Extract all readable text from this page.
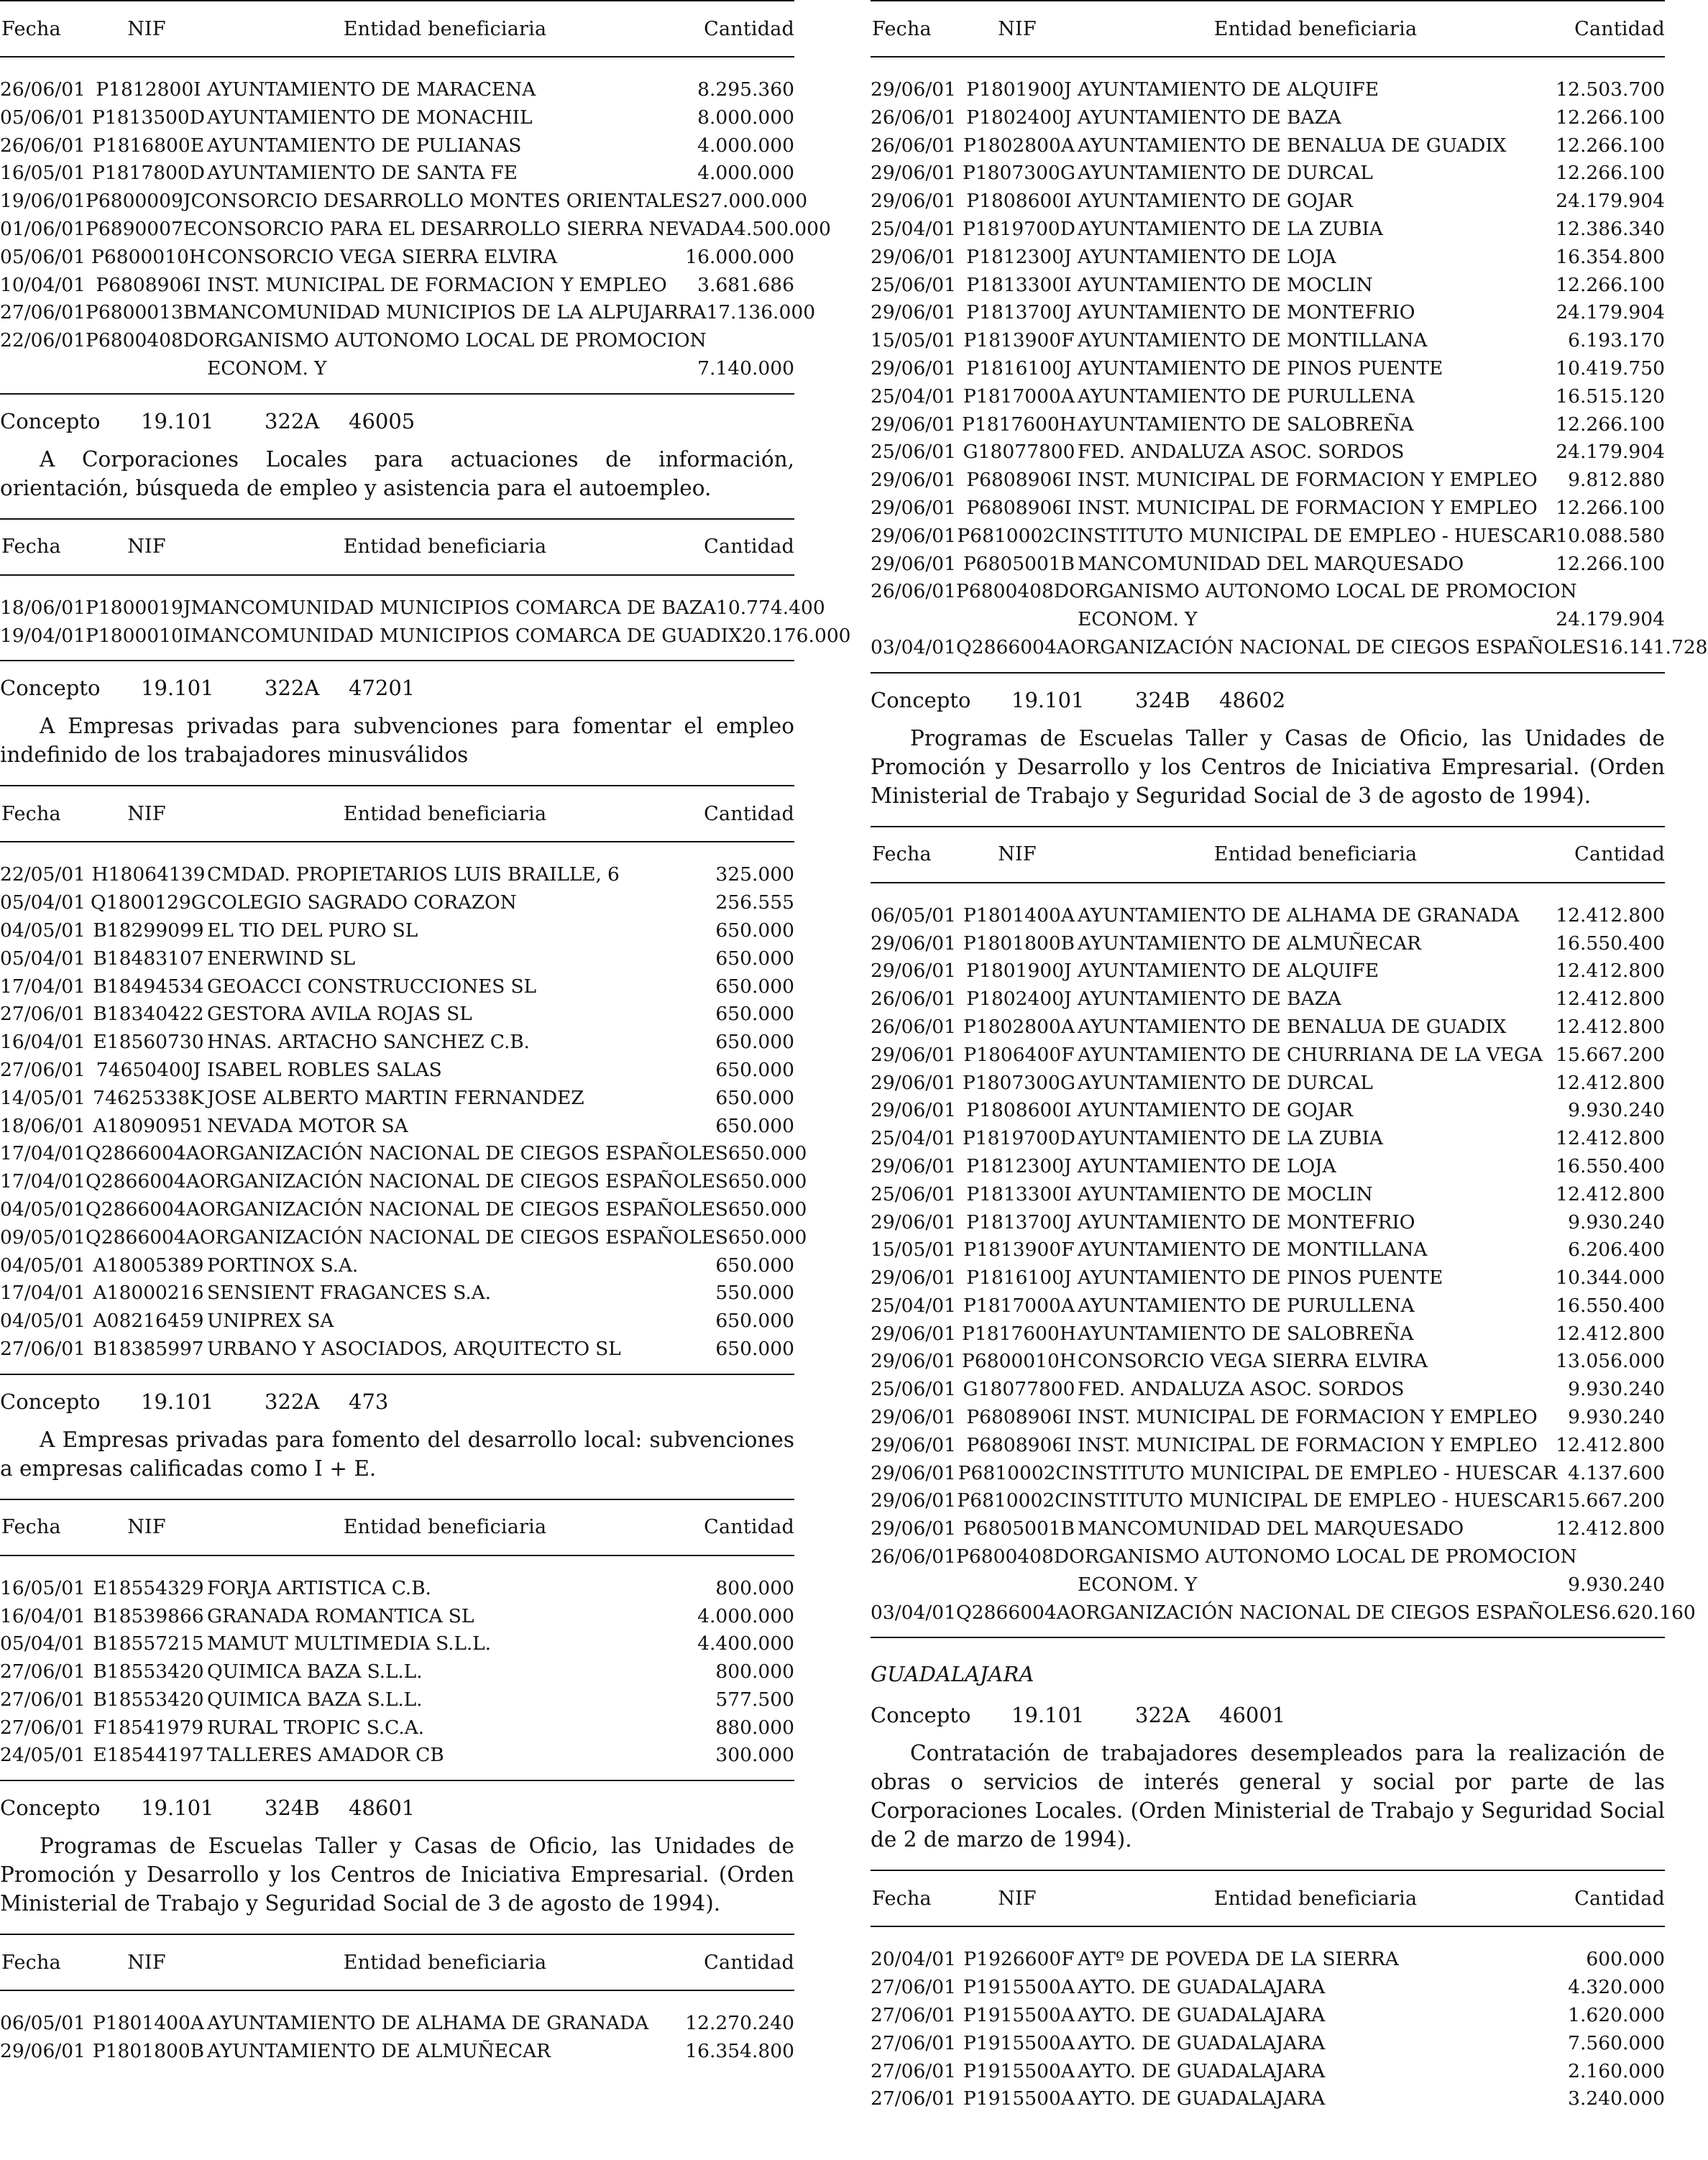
Fecha	NIF	Entidad beneficiaria	Cantidad
26/06/01 P1812800I AYUNTAMIENTO DE MARACENA	8.295.360
05/06/01 P1813500D AYUNTAMIENTO DE MONACHIL	8.000.000
26/06/01 P1816800E AYUNTAMIENTO DE PULIANAS	4.000.000
16/05/01 P1817800D AYUNTAMIENTO DE SANTA FE	4.000.000
19/06/01 P6800009J CONSORCIO DESARROLLO MONTES ORIENTALES 27.000.000
01/06/01 P6890007E CONSORCIO PARA EL DESARROLLO SIERRA NEVADA 4.500.000
05/06/01 P6800010H CONSORCIO VEGA SIERRA ELVIRA	16.000.000
10/04/01 P6808906I INST. MUNICIPAL DE FORMACION Y EMPLEO	3.681.686
27/06/01 P6800013B MANCOMUNIDAD MUNICIPIOS DE LA ALPUJARRA 17.136.000
22/06/01 P6800408D ORGANISMO AUTONOMO LOCAL DE PROMOCION
ECONOM. Y	7.140.000
Concepto	19.101	322A	46005

A Corporaciones Locales para actuaciones de información, orientación, búsqueda de empleo y asistencia para el autoempleo.

Fecha	NIF	Entidad beneficiaria	Cantidad
18/06/01 P1800019J MANCOMUNIDAD MUNICIPIOS COMARCA DE BAZA 10.774.400
19/04/01 P1800010I MANCOMUNIDAD MUNICIPIOS COMARCA DE GUADIX 20.176.000
Concepto	19.101	322A	47201

A Empresas privadas para subvenciones para fomentar el empleo indefinido de los trabajadores minusválidos

Fecha	NIF	Entidad beneficiaria	Cantidad
22/05/01 H18064139 CMDAD. PROPIETARIOS LUIS BRAILLE, 6	325.000
05/04/01 Q1800129G COLEGIO SAGRADO CORAZON	256.555
04/05/01 B18299099 EL TIO DEL PURO SL	650.000
05/04/01 B18483107 ENERWIND SL	650.000
17/04/01 B18494534 GEOACCI CONSTRUCCIONES SL	650.000
27/06/01 B18340422 GESTORA AVILA ROJAS SL	650.000
16/04/01 E18560730 HNAS. ARTACHO SANCHEZ C.B.	650.000
27/06/01 74650400J ISABEL ROBLES SALAS	650.000
14/05/01 74625338K JOSE ALBERTO MARTIN FERNANDEZ	650.000
18/06/01 A18090951 NEVADA MOTOR SA	650.000
17/04/01 Q2866004A ORGANIZACIÓN NACIONAL DE CIEGOS ESPAÑOLES 650.000
17/04/01 Q2866004A ORGANIZACIÓN NACIONAL DE CIEGOS ESPAÑOLES 650.000
04/05/01 Q2866004A ORGANIZACIÓN NACIONAL DE CIEGOS ESPAÑOLES 650.000
09/05/01 Q2866004A ORGANIZACIÓN NACIONAL DE CIEGOS ESPAÑOLES 650.000
04/05/01 A18005389 PORTINOX S.A.	650.000
17/04/01 A18000216 SENSIENT FRAGANCES S.A.	550.000
04/05/01 A08216459 UNIPREX SA	650.000
27/06/01 B18385997 URBANO Y ASOCIADOS, ARQUITECTO SL	650.000
Concepto	19.101	322A	473

A Empresas privadas para fomento del desarrollo local: subvenciones a empresas calificadas como I + E.

Fecha	NIF	Entidad beneficiaria	Cantidad
16/05/01 E18554329 FORJA ARTISTICA C.B.	800.000
16/04/01 B18539866 GRANADA ROMANTICA SL	4.000.000
05/04/01 B18557215 MAMUT MULTIMEDIA S.L.L.	4.400.000
27/06/01 B18553420 QUIMICA BAZA S.L.L.	800.000
27/06/01 B18553420 QUIMICA BAZA S.L.L.	577.500
27/06/01 F18541979 RURAL TROPIC S.C.A.	880.000
24/05/01 E18544197 TALLERES AMADOR CB	300.000
Concepto	19.101	324B	48601

Programas de Escuelas Taller y Casas de Oficio, las Unidades de Promoción y Desarrollo y los Centros de Iniciativa Empresarial. (Orden Ministerial de Trabajo y Seguridad Social de 3 de agosto de 1994).

Fecha	NIF	Entidad beneficiaria	Cantidad
06/05/01 P1801400A AYUNTAMIENTO DE ALHAMA DE GRANADA	12.270.240
29/06/01 P1801800B AYUNTAMIENTO DE ALMUÑECAR	16.354.800
Fecha	NIF	Entidad beneficiaria	Cantidad
29/06/01 P1801900J AYUNTAMIENTO DE ALQUIFE	12.503.700
26/06/01 P1802400J AYUNTAMIENTO DE BAZA	12.266.100
26/06/01 P1802800A AYUNTAMIENTO DE BENALUA DE GUADIX	12.266.100
29/06/01 P1807300G AYUNTAMIENTO DE DURCAL	12.266.100
29/06/01 P1808600I AYUNTAMIENTO DE GOJAR	24.179.904
25/04/01 P1819700D AYUNTAMIENTO DE LA ZUBIA	12.386.340
29/06/01 P1812300J AYUNTAMIENTO DE LOJA	16.354.800
25/06/01 P1813300I AYUNTAMIENTO DE MOCLIN	12.266.100
29/06/01 P1813700J AYUNTAMIENTO DE MONTEFRIO	24.179.904
15/05/01 P1813900F AYUNTAMIENTO DE MONTILLANA	6.193.170
29/06/01 P1816100J AYUNTAMIENTO DE PINOS PUENTE	10.419.750
25/04/01 P1817000A AYUNTAMIENTO DE PURULLENA	16.515.120
29/06/01 P1817600H AYUNTAMIENTO DE SALOBREÑA	12.266.100
25/06/01 G18077800 FED. ANDALUZA ASOC. SORDOS	24.179.904
29/06/01 P6808906I INST. MUNICIPAL DE FORMACION Y EMPLEO	9.812.880
29/06/01 P6808906I INST. MUNICIPAL DE FORMACION Y EMPLEO 12.266.100
29/06/01 P6810002C INSTITUTO MUNICIPAL DE EMPLEO - HUESCAR 10.088.580
29/06/01 P6805001B MANCOMUNIDAD DEL MARQUESADO	12.266.100
26/06/01 P6800408D ORGANISMO AUTONOMO LOCAL DE PROMOCION
ECONOM. Y	24.179.904
03/04/01 Q2866004A ORGANIZACIÓN NACIONAL DE CIEGOS ESPAÑOLES 16.141.728
Concepto	19.101	324B	48602

Programas de Escuelas Taller y Casas de Oficio, las Unidades de Promoción y Desarrollo y los Centros de Iniciativa Empresarial. (Orden Ministerial de Trabajo y Seguridad Social de 3 de agosto de 1994).

Fecha	NIF	Entidad beneficiaria	Cantidad
06/05/01 P1801400A AYUNTAMIENTO DE ALHAMA DE GRANADA	12.412.800
29/06/01 P1801800B AYUNTAMIENTO DE ALMUÑECAR	16.550.400
29/06/01 P1801900J AYUNTAMIENTO DE ALQUIFE	12.412.800
26/06/01 P1802400J AYUNTAMIENTO DE BAZA	12.412.800
26/06/01 P1802800A AYUNTAMIENTO DE BENALUA DE GUADIX	12.412.800
29/06/01 P1806400F AYUNTAMIENTO DE CHURRIANA DE LA VEGA 15.667.200
29/06/01 P1807300G AYUNTAMIENTO DE DURCAL	12.412.800
29/06/01 P1808600I AYUNTAMIENTO DE GOJAR	9.930.240
25/04/01 P1819700D AYUNTAMIENTO DE LA ZUBIA	12.412.800
29/06/01 P1812300J AYUNTAMIENTO DE LOJA	16.550.400
25/06/01 P1813300I AYUNTAMIENTO DE MOCLIN	12.412.800
29/06/01 P1813700J AYUNTAMIENTO DE MONTEFRIO	9.930.240
15/05/01 P1813900F AYUNTAMIENTO DE MONTILLANA	6.206.400
29/06/01 P1816100J AYUNTAMIENTO DE PINOS PUENTE	10.344.000
25/04/01 P1817000A AYUNTAMIENTO DE PURULLENA	16.550.400
29/06/01 P1817600H AYUNTAMIENTO DE SALOBREÑA	12.412.800
29/06/01 P6800010H CONSORCIO VEGA SIERRA ELVIRA	13.056.000
25/06/01 G18077800 FED. ANDALUZA ASOC. SORDOS	9.930.240
29/06/01 P6808906I INST. MUNICIPAL DE FORMACION Y EMPLEO	9.930.240
29/06/01 P6808906I INST. MUNICIPAL DE FORMACION Y EMPLEO 12.412.800
29/06/01 P6810002C INSTITUTO MUNICIPAL DE EMPLEO - HUESCAR 4.137.600
29/06/01 P6810002C INSTITUTO MUNICIPAL DE EMPLEO - HUESCAR 15.667.200
29/06/01 P6805001B MANCOMUNIDAD DEL MARQUESADO	12.412.800
26/06/01 P6800408D ORGANISMO AUTONOMO LOCAL DE PROMOCION
ECONOM. Y	9.930.240
03/04/01 Q2866004A ORGANIZACIÓN NACIONAL DE CIEGOS ESPAÑOLES 6.620.160
GUADALAJARA
Concepto	19.101	322A	46001

Contratación de trabajadores desempleados para la realización de obras o servicios de interés general y social por parte de las Corporaciones Locales. (Orden Ministerial de Trabajo y Seguridad Social de 2 de marzo de 1994).

Fecha	NIF	Entidad beneficiaria	Cantidad
20/04/01 P1926600F AYTº DE POVEDA DE LA SIERRA	600.000
27/06/01 P1915500A AYTO. DE GUADALAJARA	4.320.000
27/06/01 P1915500A AYTO. DE GUADALAJARA	1.620.000
27/06/01 P1915500A AYTO. DE GUADALAJARA	7.560.000
27/06/01 P1915500A AYTO. DE GUADALAJARA	2.160.000
27/06/01 P1915500A AYTO. DE GUADALAJARA	3.240.000
